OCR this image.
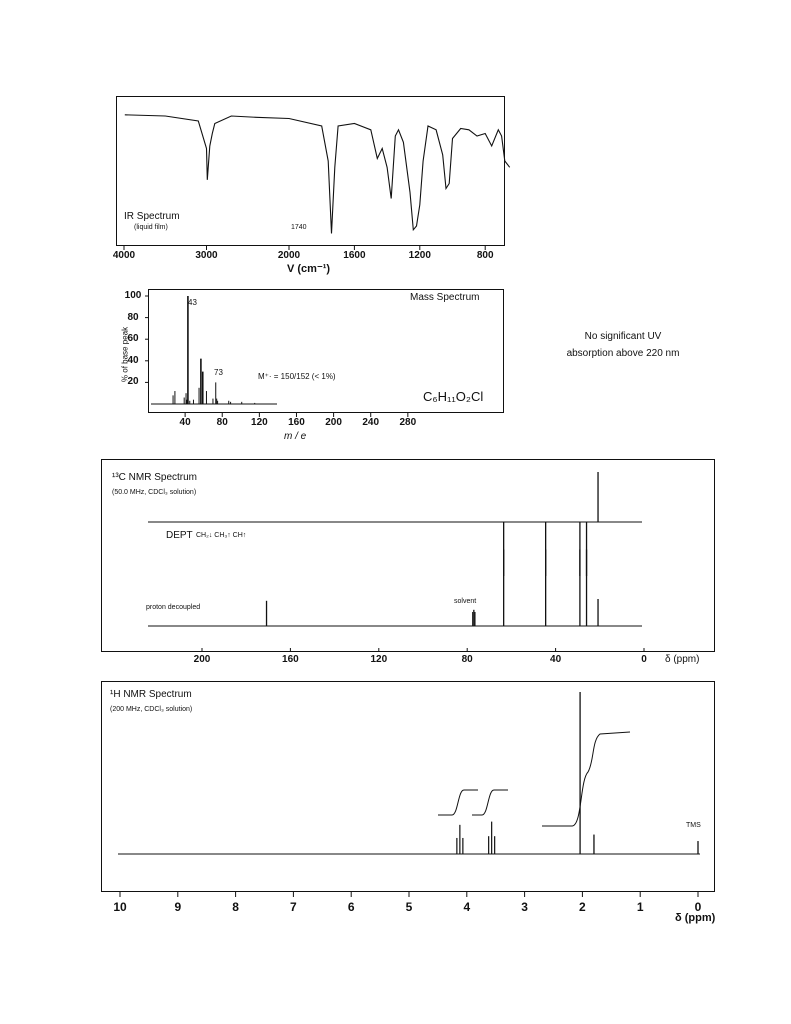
IR Spectrum
(liquid film)	1740
4000	3000	2000	1600	1200	800
V (cm⁻¹)
Mass Spectrum
% of base peak
100
80
60
40
20
40	80 120 160 200 240 280
m / e
43
73	M⁺· = 150/152 (< 1%)
C₆H₁₁O₂Cl
No significant UV
absorption above 220 nm
¹³C NMR Spectrum
(50.0 MHz, CDCl₃ solution)
DEPT CH₂↓ CH₃↑ CH↑
proton decoupled
solvent
200	160	120	80	40	0 δ (ppm)
¹H NMR Spectrum
(200 MHz, CDCl₃ solution)
TMS
10	9	8	7	6	5	4	3	2	1	0
δ (ppm)
